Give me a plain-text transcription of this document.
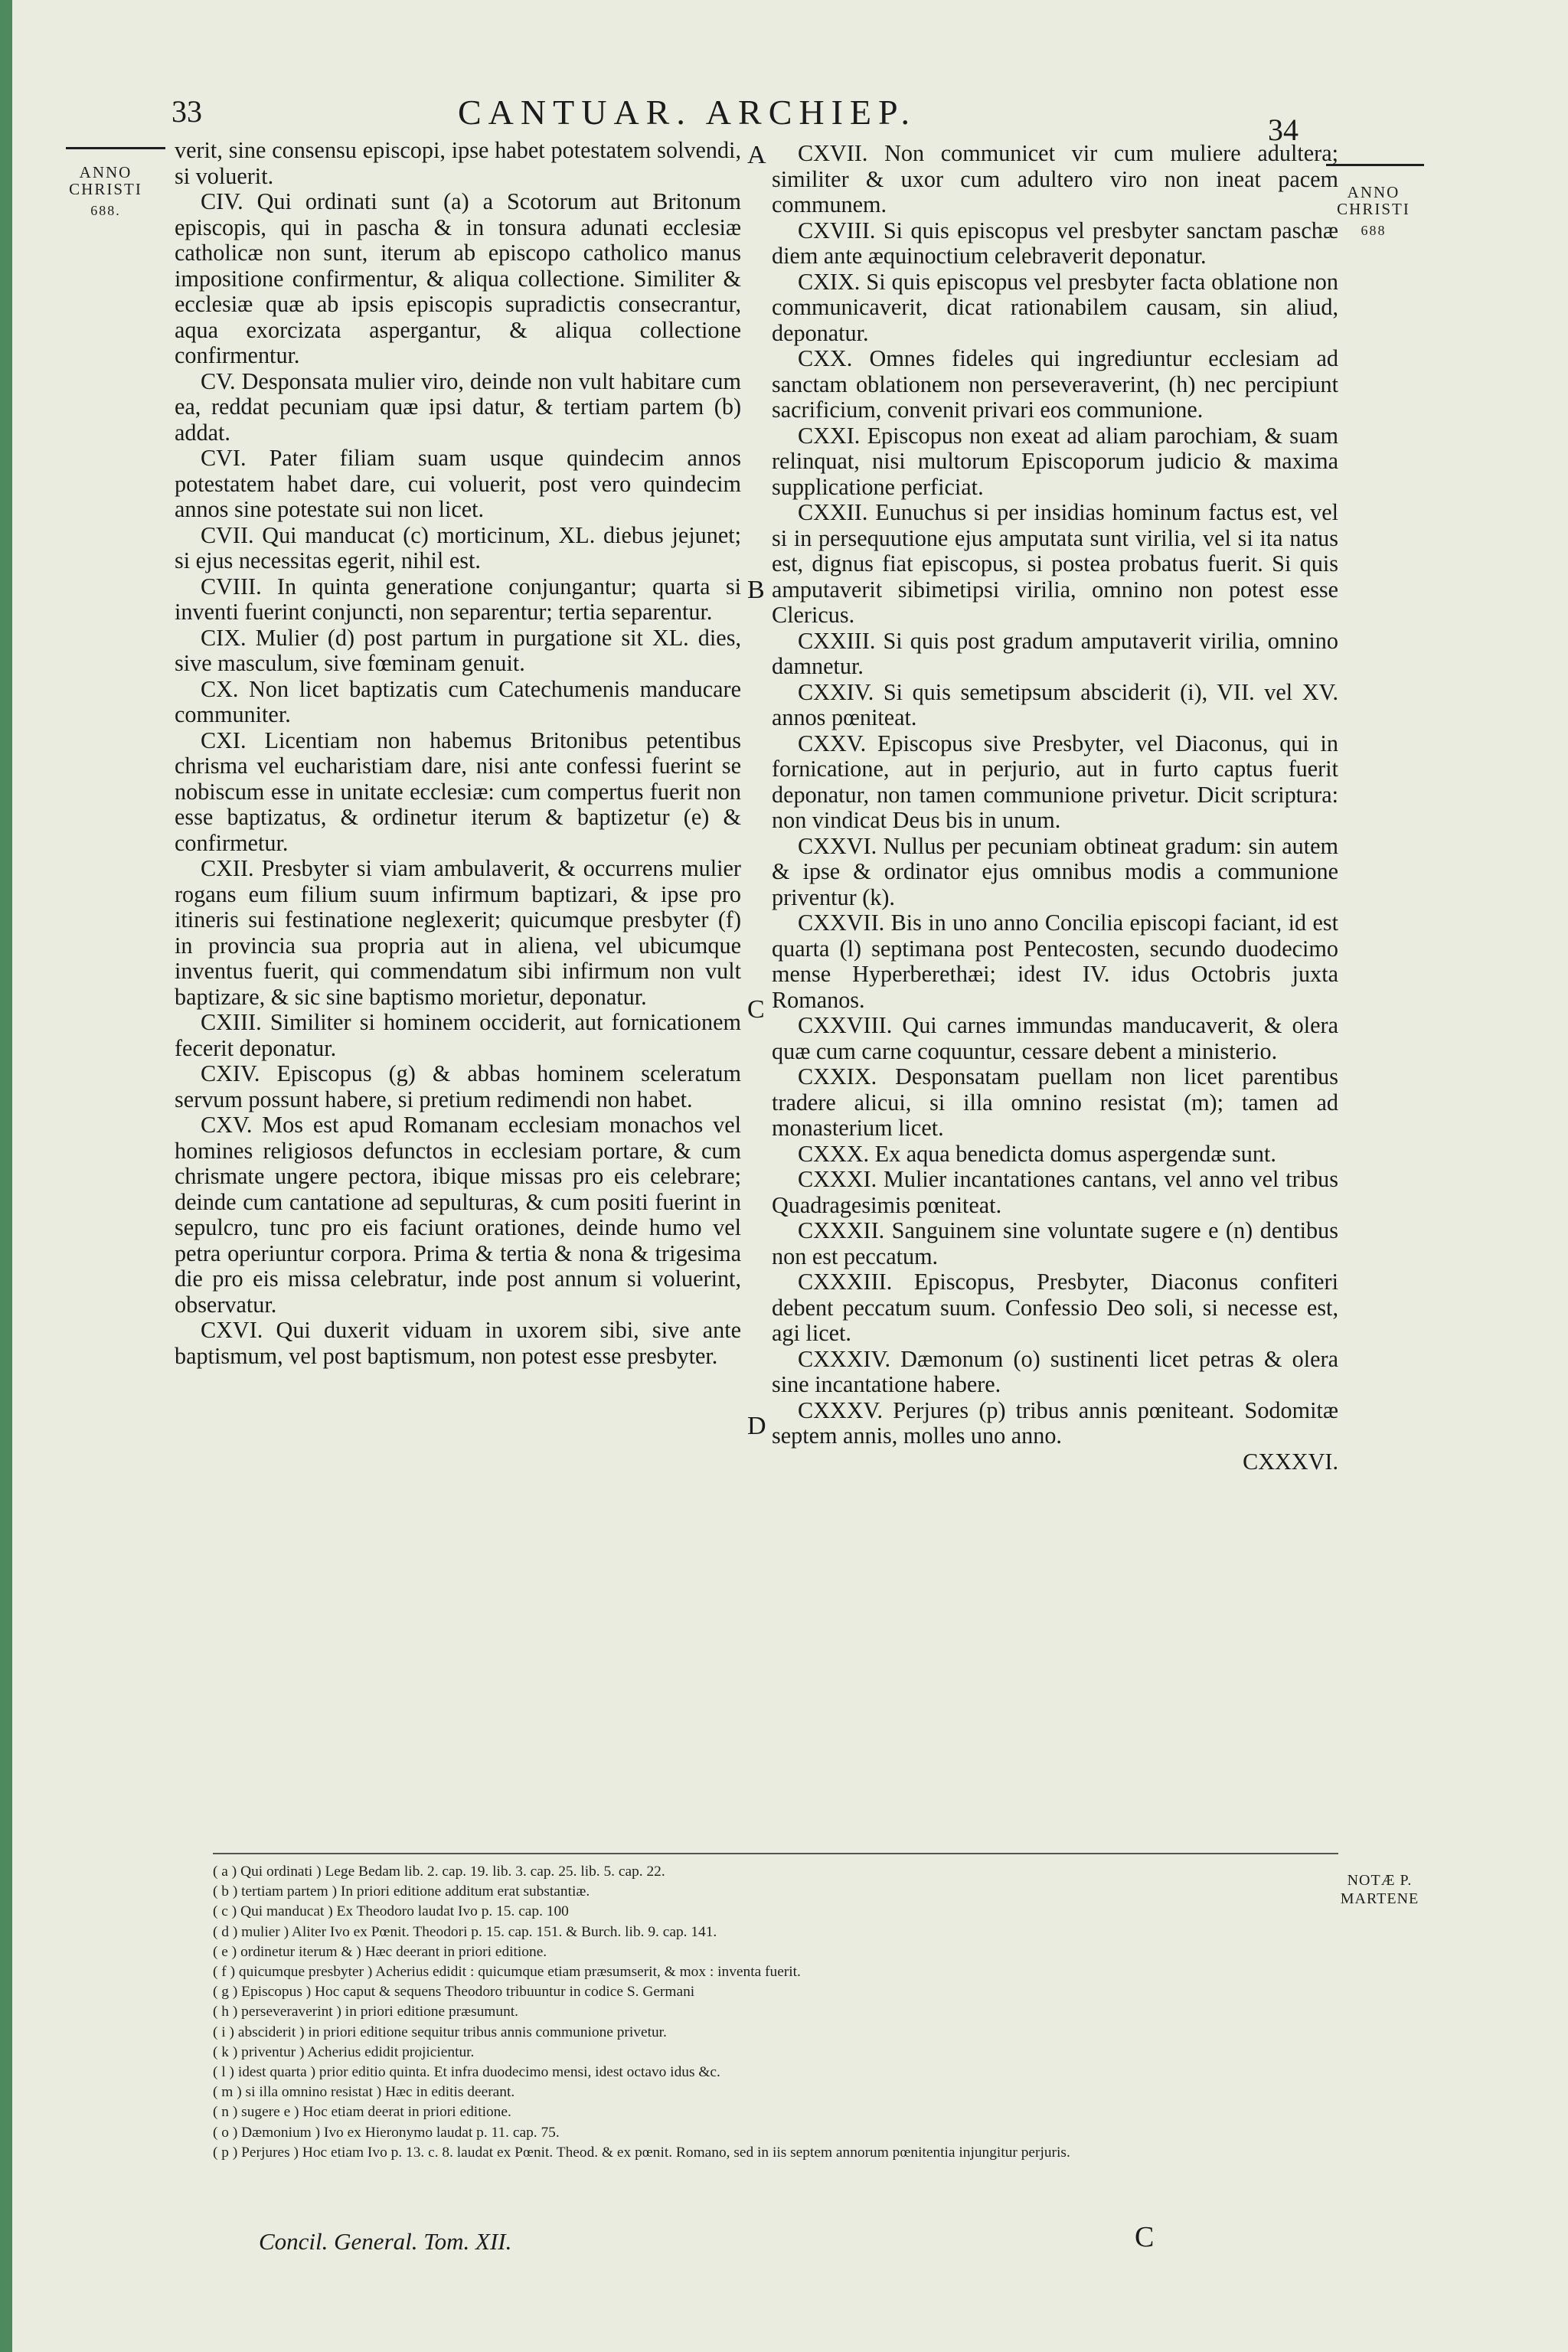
33	CANTUAR. ARCHIEP.	34
ANNO CHRISTI
688.
ANNO CHRISTI
688
A
B
C
D

verit, sine consensu episcopi, ipse habet potestatem solvendi, si voluerit.

CIV. Qui ordinati sunt (a) a Scotorum aut Britonum episcopis, qui in pascha & in tonsura adunati ecclesiæ catholicæ non sunt, iterum ab episcopo catholico manus impositione confirmentur, & aliqua collectione. Similiter & ecclesiæ quæ ab ipsis episcopis supradictis consecrantur, aqua exorcizata aspergantur, & aliqua collectione confirmentur.

CV. Desponsata mulier viro, deinde non vult habitare cum ea, reddat pecuniam quæ ipsi datur, & tertiam partem (b) addat.

CVI. Pater filiam suam usque quindecim annos potestatem habet dare, cui voluerit, post vero quindecim annos sine potestate sui non licet.

CVII. Qui manducat (c) morticinum, XL. diebus jejunet; si ejus necessitas egerit, nihil est.

CVIII. In quinta generatione conjungantur; quarta si inventi fuerint conjuncti, non separentur; tertia separentur.

CIX. Mulier (d) post partum in purgatione sit XL. dies, sive masculum, sive fœminam genuit.

CX. Non licet baptizatis cum Catechumenis manducare communiter.

CXI. Licentiam non habemus Britonibus petentibus chrisma vel eucharistiam dare, nisi ante confessi fuerint se nobiscum esse in unitate ecclesiæ: cum compertus fuerit non esse baptizatus, & ordinetur iterum & baptizetur (e) & confirmetur.

CXII. Presbyter si viam ambulaverit, & occurrens mulier rogans eum filium suum infirmum baptizari, & ipse pro itineris sui festinatione neglexerit; quicumque presbyter (f) in provincia sua propria aut in aliena, vel ubicumque inventus fuerit, qui commendatum sibi infirmum non vult baptizare, & sic sine baptismo morietur, deponatur.

CXIII. Similiter si hominem occiderit, aut fornicationem fecerit deponatur.

CXIV. Episcopus (g) & abbas hominem sceleratum servum possunt habere, si pretium redimendi non habet.

CXV. Mos est apud Romanam ecclesiam monachos vel homines religiosos defunctos in ecclesiam portare, & cum chrismate ungere pectora, ibique missas pro eis celebrare; deinde cum cantatione ad sepulturas, & cum positi fuerint in sepulcro, tunc pro eis faciunt orationes, deinde humo vel petra operiuntur corpora. Prima & tertia & nona & trigesima die pro eis missa celebratur, inde post annum si voluerint, observatur.

CXVI. Qui duxerit viduam in uxorem sibi, sive ante baptismum, vel post baptismum, non potest esse presbyter.

CXVII. Non communicet vir cum muliere adultera; similiter & uxor cum adultero viro non ineat pacem communem.

CXVIII. Si quis episcopus vel presbyter sanctam paschæ diem ante æquinoctium celebraverit deponatur.

CXIX. Si quis episcopus vel presbyter facta oblatione non communicaverit, dicat rationabilem causam, sin aliud, deponatur.

CXX. Omnes fideles qui ingrediuntur ecclesiam ad sanctam oblationem non perseveraverint, (h) nec percipiunt sacrificium, convenit privari eos communione.

CXXI. Episcopus non exeat ad aliam parochiam, & suam relinquat, nisi multorum Episcoporum judicio & maxima supplicatione perficiat.

CXXII. Eunuchus si per insidias hominum factus est, vel si in persequutione ejus amputata sunt virilia, vel si ita natus est, dignus fiat episcopus, si postea probatus fuerit. Si quis amputaverit sibimetipsi virilia, omnino non potest esse Clericus.

CXXIII. Si quis post gradum amputaverit virilia, omnino damnetur.

CXXIV. Si quis semetipsum absciderit (i), VII. vel XV. annos pœniteat.

CXXV. Episcopus sive Presbyter, vel Diaconus, qui in fornicatione, aut in perjurio, aut in furto captus fuerit deponatur, non tamen communione privetur. Dicit scriptura: non vindicat Deus bis in unum.

CXXVI. Nullus per pecuniam obtineat gradum: sin autem & ipse & ordinator ejus omnibus modis a communione priventur (k).

CXXVII. Bis in uno anno Concilia episcopi faciant, id est quarta (l) septimana post Pentecosten, secundo duodecimo mense Hyperberethæi; idest IV. idus Octobris juxta Romanos.

CXXVIII. Qui carnes immundas manducaverit, & olera quæ cum carne coquuntur, cessare debent a ministerio.

CXXIX. Desponsatam puellam non licet parentibus tradere alicui, si illa omnino resistat (m); tamen ad monasterium licet.

CXXX. Ex aqua benedicta domus aspergendæ sunt.

CXXXI. Mulier incantationes cantans, vel anno vel tribus Quadragesimis pœniteat.

CXXXII. Sanguinem sine voluntate sugere e (n) dentibus non est peccatum.

CXXXIII. Episcopus, Presbyter, Diaconus confiteri debent peccatum suum. Confessio Deo soli, si necesse est, agi licet.

CXXXIV. Dæmonum (o) sustinenti licet petras & olera sine incantatione habere.

CXXXV. Perjures (p) tribus annis pœniteant. Sodomitæ septem annis, molles uno anno.

CXXXVI.

NOTÆ P. MARTENE
( a ) Qui ordinati ) Lege Bedam lib. 2. cap. 19. lib. 3. cap. 25. lib. 5. cap. 22.
( b ) tertiam partem ) In priori editione additum erat substantiæ.
( c ) Qui manducat ) Ex Theodoro laudat Ivo p. 15. cap. 100
( d ) mulier ) Aliter Ivo ex Pœnit. Theodori p. 15. cap. 151. & Burch. lib. 9. cap. 141.
( e ) ordinetur iterum & ) Hæc deerant in priori editione.
( f ) quicumque presbyter ) Acherius edidit : quicumque etiam præsumserit, & mox : inventa fuerit.
( g ) Episcopus ) Hoc caput & sequens Theodoro tribuuntur in codice S. Germani
( h ) perseveraverint ) in priori editione præsumunt.
( i ) absciderit ) in priori editione sequitur tribus annis communione privetur.
( k ) priventur ) Acherius edidit projicientur.
( l ) idest quarta ) prior editio quinta. Et infra duodecimo mensi, idest octavo idus &c.
( m ) si illa omnino resistat ) Hæc in editis deerant.
( n ) sugere e ) Hoc etiam deerat in priori editione.
( o ) Dæmonium ) Ivo ex Hieronymo laudat p. 11. cap. 75.
( p ) Perjures ) Hoc etiam Ivo p. 13. c. 8. laudat ex Pœnit. Theod. & ex pœnit. Romano, sed in iis septem annorum pœnitentia injungitur perjuris.
Concil. General. Tom. XII.	C
